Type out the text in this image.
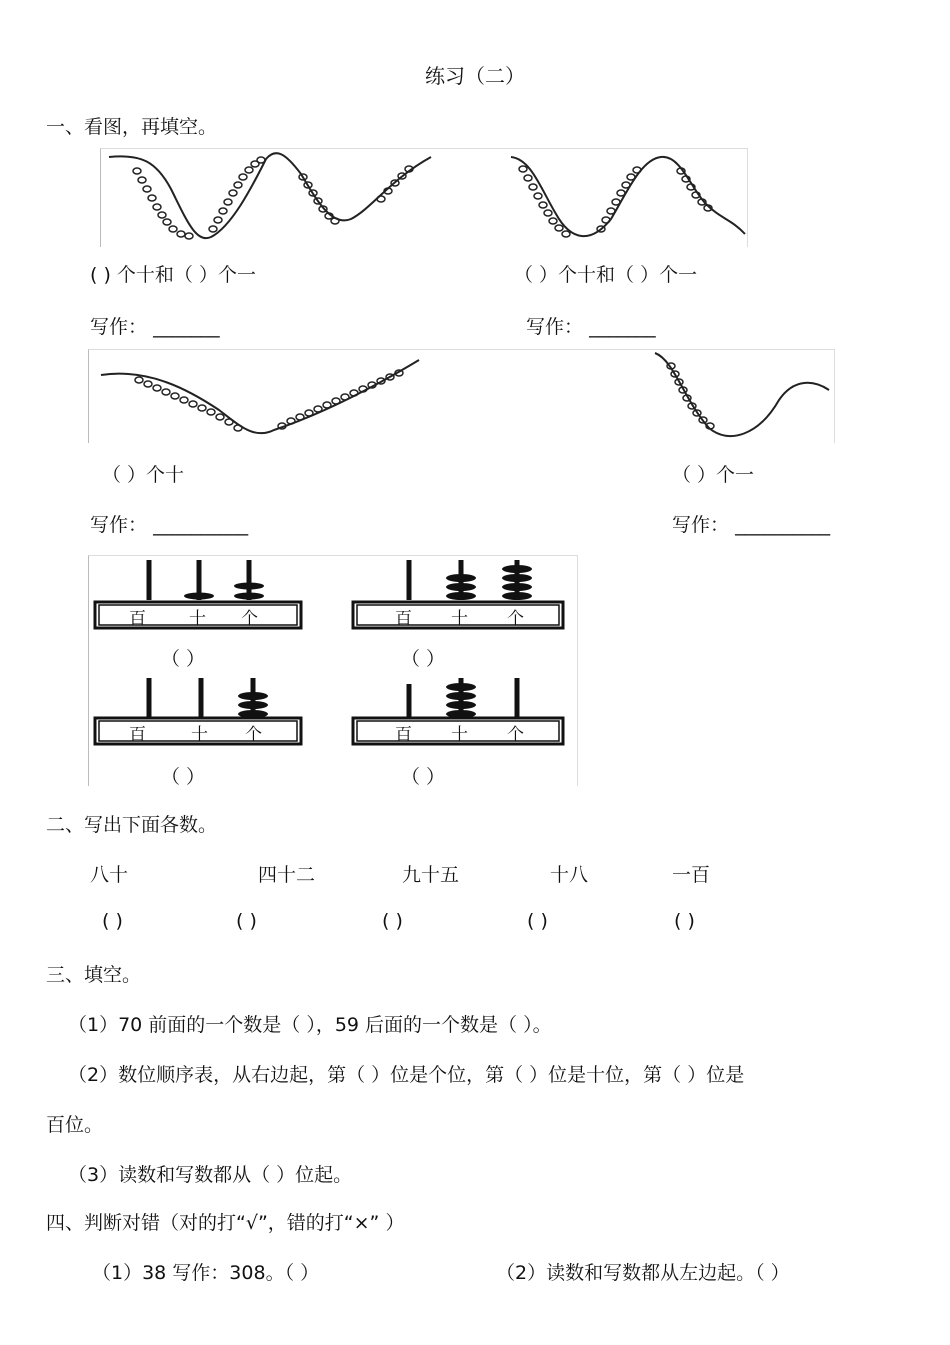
练习（二）
一、看图，再填空。
( ) 个十和（ ）个一	（ ）个十和（ ）个一
写作： _______	写作： _______
（ ）个十	（ ）个一
写作： __________	写作： __________
百	十 个	百 十 个
百	十 个	百 十 个
（ ）	（ ）
（ ）	（ ）
二、写出下面各数。
八十	四十二	九十五	十八	一百
( )	( )	( )	( )	( )
三、填空。
（1）70 前面的一个数是（ ），59 后面的一个数是（ ）。
（2）数位顺序表，从右边起，第（ ）位是个位，第（ ）位是十位，第（ ）位是
百位。
（3）读数和写数都从（ ）位起。
四、判断对错（对的打“√”，错的打“×” ）
（1）38 写作：308。（ ）	（2）读数和写数都从左边起。（ ）
